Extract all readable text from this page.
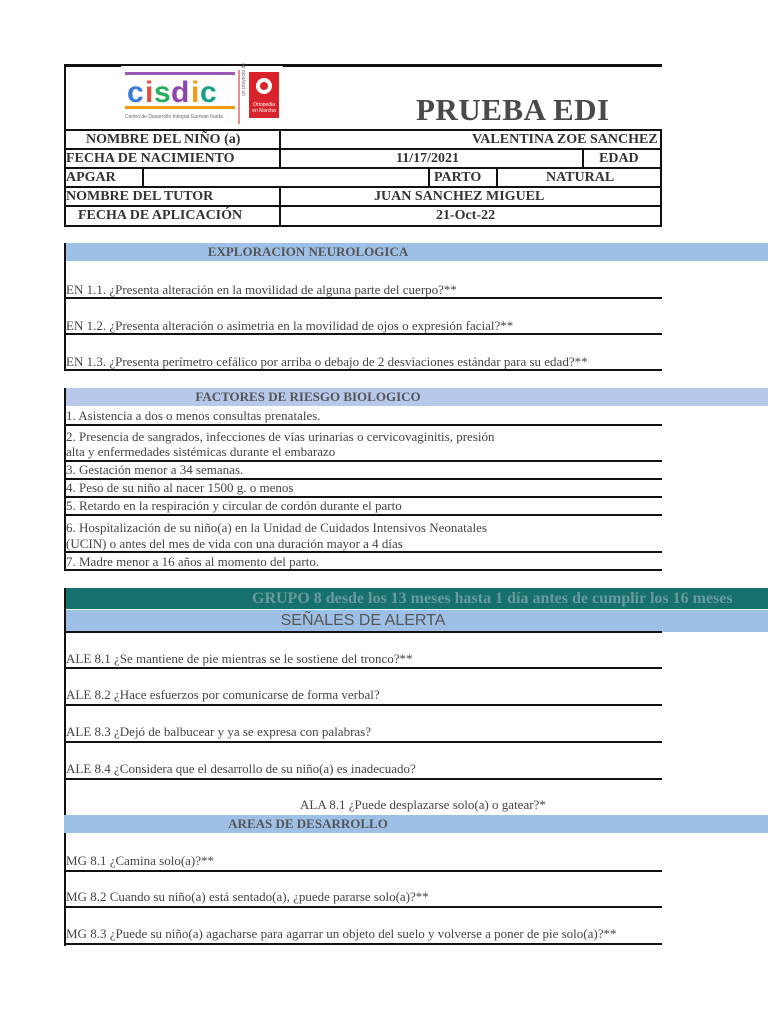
c i s d i c
Centro de Desarrollo Integral Gurman Itarda
un proyecto de
Ortopedia
en Marcha	PRUEBA EDI
NOMBRE DEL NIÑO (a)	VALENTINA ZOE SANCHEZ
FECHA DE NACIMIENTO	11/17/2021	EDAD
APGAR	PARTO	NATURAL
NOMBRE DEL TUTOR	JUAN SANCHEZ MIGUEL
FECHA DE APLICACIÓN	21-Oct-22
EXPLORACION NEUROLOGICA
EN 1.1. ¿Presenta alteración en la movilidad de alguna parte del cuerpo?**
EN 1.2. ¿Presenta alteración o asimetria en la movilidad de ojos o expresión facial?**
EN 1.3. ¿Presenta perímetro cefálico por arriba o debajo de 2 desviaciones estándar para su edad?**
FACTORES DE RIESGO BIOLOGICO
1. Asistencia a dos o menos consultas prenatales.
2. Presencia de sangrados, infecciones de vías urinarias o cervicovaginitis, presión
alta y enfermedades sistémicas durante el embarazo
3. Gestación menor a 34 semanas.
4. Peso de su niño al nacer 1500 g. o menos
5. Retardo en la respiración y circular de cordón durante el parto
6. Hospitalización de su niño(a) en la Unidad de Cuidados Intensivos Neonatales
(UCIN) o antes del mes de vida con una duración mayor a 4 días
7. Madre menor a 16 años al momento del parto.
GRUPO 8 desde los 13 meses hasta 1 día antes de cumplir los 16 meses
SEÑALES DE ALERTA
ALE 8.1 ¿Se mantiene de pie mientras se le sostiene del tronco?**
ALE 8.2 ¿Hace esfuerzos por comunicarse de forma verbal?
ALE 8.3 ¿Dejó de balbucear y ya se expresa con palabras?
ALE 8.4 ¿Considera que el desarrollo de su niño(a) es inadecuado?
ALA 8.1 ¿Puede desplazarse solo(a) o gatear?*
AREAS DE DESARROLLO
MG 8.1 ¿Camina solo(a)?**
MG 8.2 Cuando su niño(a) está sentado(a), ¿puede pararse solo(a)?**
MG 8.3 ¿Puede su niño(a) agacharse para agarrar un objeto del suelo y volverse a poner de pie solo(a)?**
